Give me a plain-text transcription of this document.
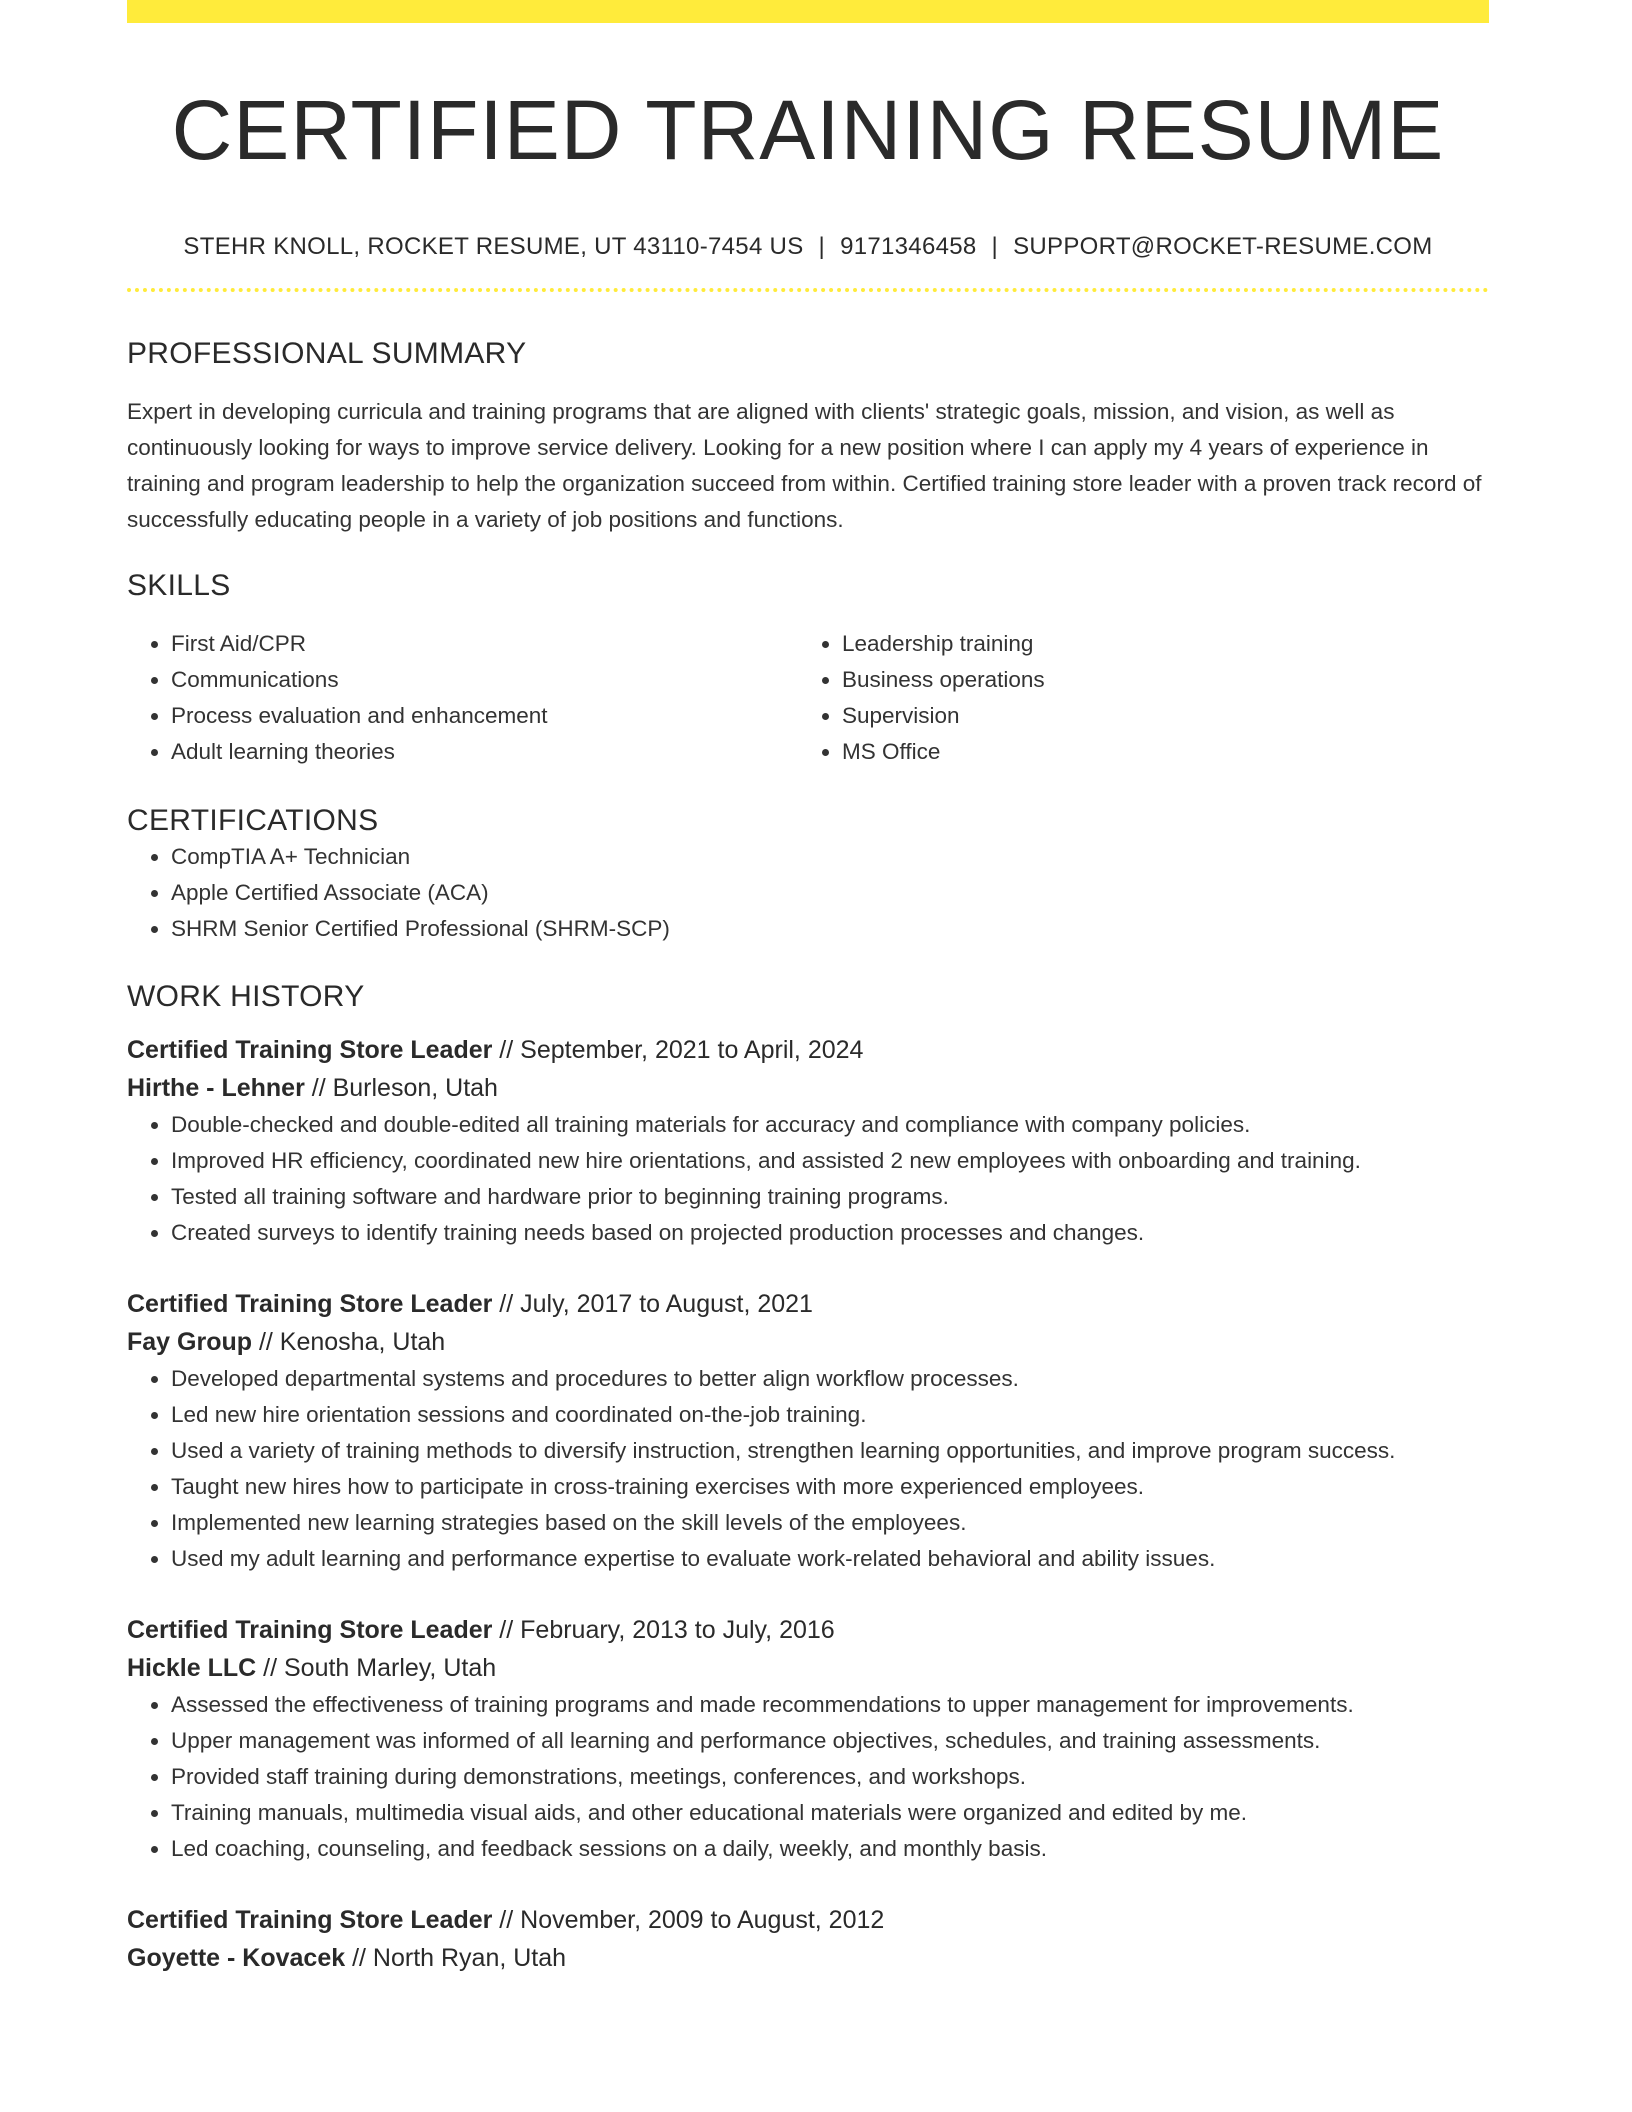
CERTIFIED TRAINING RESUME
STEHR KNOLL, ROCKET RESUME, UT 43110-7454 US | 9171346458 | SUPPORT@ROCKET-RESUME.COM
PROFESSIONAL SUMMARY

Expert in developing curricula and training programs that are aligned with clients' strategic goals, mission, and vision, as well as continuously looking for ways to improve service delivery. Looking for a new position where I can apply my 4 years of experience in training and program leadership to help the organization succeed from within. Certified training store leader with a proven track record of successfully educating people in a variety of job positions and functions.

SKILLS
• First Aid/CPR
• Communications
• Process evaluation and enhancement
• Adult learning theories
• Leadership training
• Business operations
• Supervision
• MS Office
CERTIFICATIONS
• CompTIA A+ Technician
• Apple Certified Associate (ACA)
• SHRM Senior Certified Professional (SHRM-SCP)
WORK HISTORY
Certified Training Store Leader // September, 2021 to April, 2024
Hirthe - Lehner // Burleson, Utah
• Double-checked and double-edited all training materials for accuracy and compliance with company policies.
• Improved HR efficiency, coordinated new hire orientations, and assisted 2 new employees with onboarding and training.
• Tested all training software and hardware prior to beginning training programs.
• Created surveys to identify training needs based on projected production processes and changes.
Certified Training Store Leader // July, 2017 to August, 2021
Fay Group // Kenosha, Utah
• Developed departmental systems and procedures to better align workflow processes.
• Led new hire orientation sessions and coordinated on-the-job training.
• Used a variety of training methods to diversify instruction, strengthen learning opportunities, and improve program success.
• Taught new hires how to participate in cross-training exercises with more experienced employees.
• Implemented new learning strategies based on the skill levels of the employees.
• Used my adult learning and performance expertise to evaluate work-related behavioral and ability issues.
Certified Training Store Leader // February, 2013 to July, 2016
Hickle LLC // South Marley, Utah
• Assessed the effectiveness of training programs and made recommendations to upper management for improvements.
• Upper management was informed of all learning and performance objectives, schedules, and training assessments.
• Provided staff training during demonstrations, meetings, conferences, and workshops.
• Training manuals, multimedia visual aids, and other educational materials were organized and edited by me.
• Led coaching, counseling, and feedback sessions on a daily, weekly, and monthly basis.
Certified Training Store Leader // November, 2009 to August, 2012
Goyette - Kovacek // North Ryan, Utah
